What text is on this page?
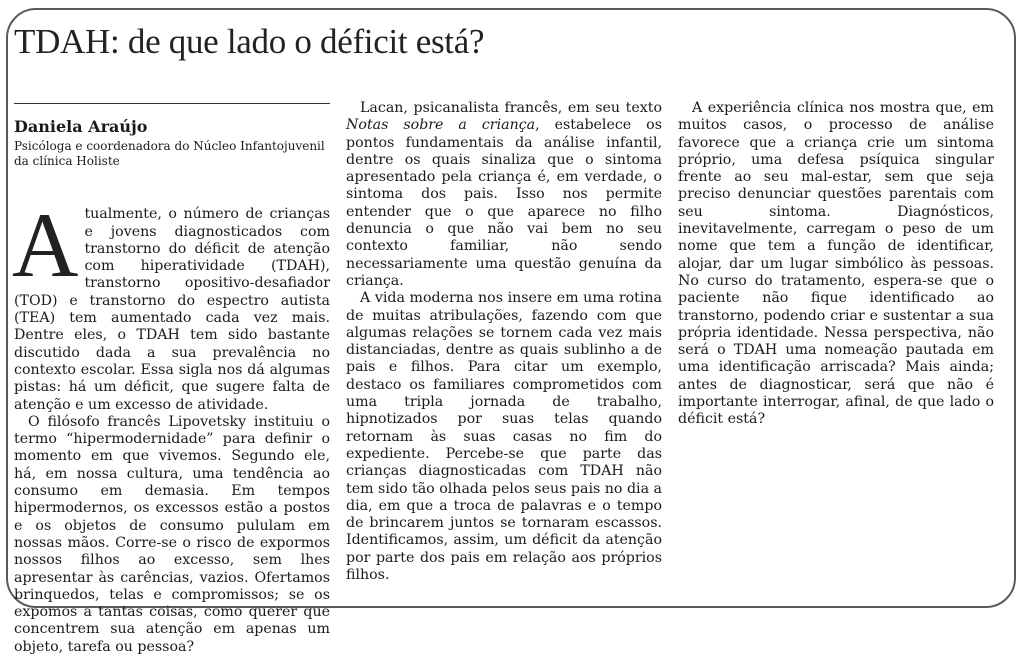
TDAH: de que lado o déficit está?
Daniela Araújo
Psicóloga e coordenadora do Núcleo Infantojuvenil da clínica Holiste

Atualmente, o número de crianças e jovens diagnosticados com transtorno do déficit de atenção com hiperatividade (TDAH), transtorno opositivo-desafiador (TOD) e transtorno do espectro autista (TEA) tem aumentado cada vez mais. Dentre eles, o TDAH tem sido bastante discutido dada a sua prevalência no contexto escolar. Essa sigla nos dá algumas pistas: há um déficit, que sugere falta de atenção e um excesso de atividade.

O filósofo francês Lipovetsky instituiu o termo “hipermodernidade” para definir o momento em que vivemos. Segundo ele, há, em nossa cultura, uma tendência ao consumo em demasia. Em tempos hipermodernos, os excessos estão a postos e os objetos de consumo pululam em nossas mãos. Corre-se o risco de expormos nossos filhos ao excesso, sem lhes apresentar às carências, vazios. Ofertamos brinquedos, telas e compromissos; se os expomos a tantas coisas, como querer que concentrem sua atenção em apenas um objeto, tarefa ou pessoa?

Lacan, psicanalista francês, em seu texto Notas sobre a criança, estabelece os pontos fundamentais da análise infantil, dentre os quais sinaliza que o sintoma apresentado pela criança é, em verdade, o sintoma dos pais. Isso nos permite entender que o que aparece no filho denuncia o que não vai bem no seu contexto familiar, não sendo necessariamente uma questão genuína da criança.

A vida moderna nos insere em uma rotina de muitas atribulações, fazendo com que algumas relações se tornem cada vez mais distanciadas, dentre as quais sublinho a de pais e filhos. Para citar um exemplo, destaco os familiares comprometidos com uma tripla jornada de trabalho, hipnotizados por suas telas quando retornam às suas casas no fim do expediente. Percebe-se que parte das crianças diagnosticadas com TDAH não tem sido tão olhada pelos seus pais no dia a dia, em que a troca de palavras e o tempo de brincarem juntos se tornaram escassos. Identificamos, assim, um déficit da atenção por parte dos pais em relação aos próprios filhos.

A experiência clínica nos mostra que, em muitos casos, o processo de análise favorece que a criança crie um sintoma próprio, uma defesa psíquica singular frente ao seu mal-estar, sem que seja preciso denunciar questões parentais com seu sintoma. Diagnósticos, inevitavelmente, carregam o peso de um nome que tem a função de identificar, alojar, dar um lugar simbólico às pessoas. No curso do tratamento, espera-se que o paciente não fique identificado ao transtorno, podendo criar e sustentar a sua própria identidade. Nessa perspectiva, não será o TDAH uma nomeação pautada em uma identificação arriscada? Mais ainda; antes de diagnosticar, será que não é importante interrogar, afinal, de que lado o déficit está?
